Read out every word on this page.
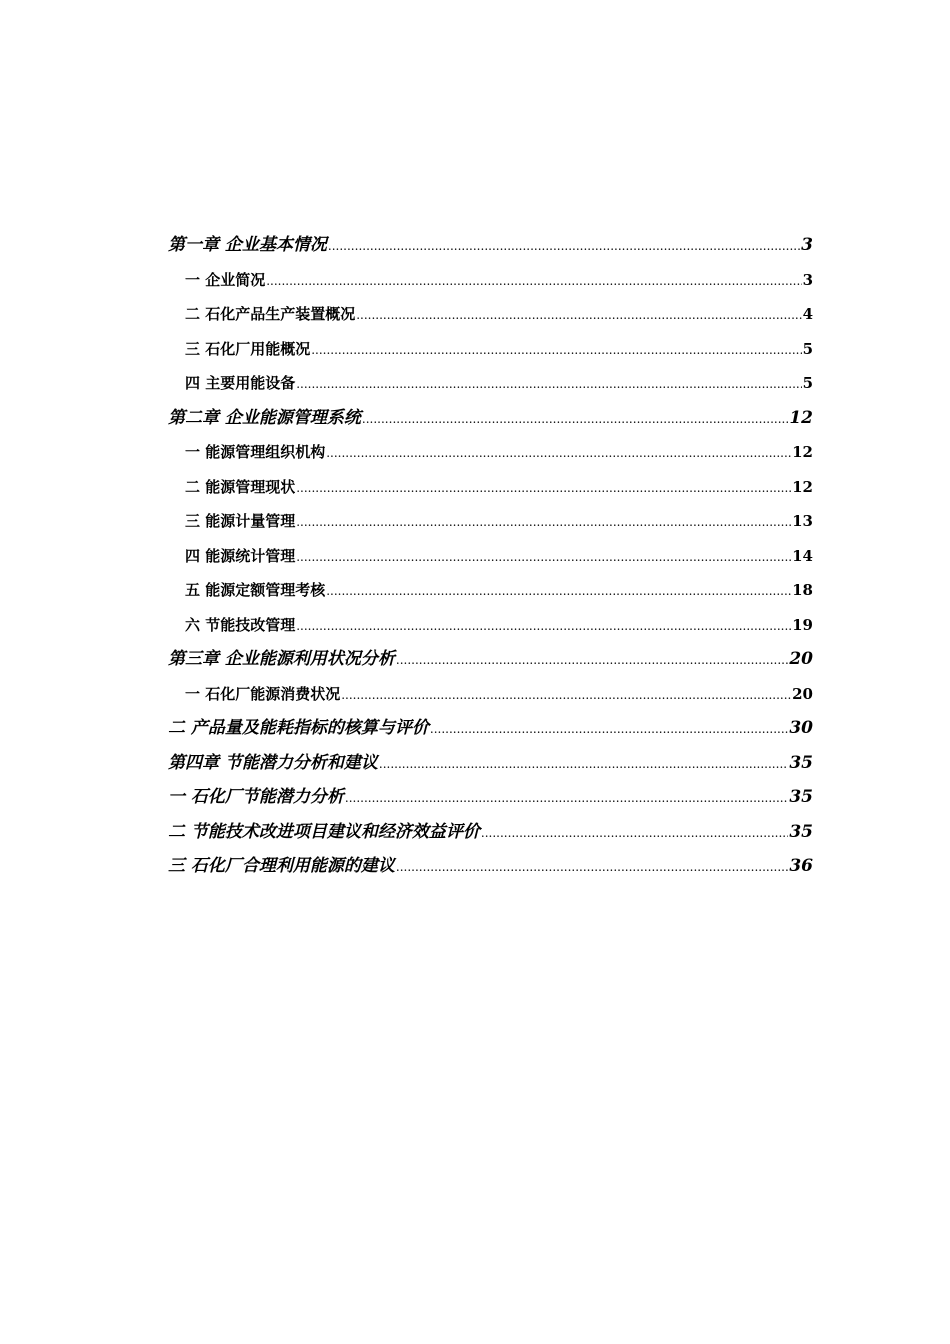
第一章 企业基本情况 .....	3
一 企业简况 .....	3
二 石化产品生产装置概况 .....	4
三 石化厂用能概况 .....	5
四 主要用能设备 .....	5
第二章 企业能源管理系统 .....	12
一 能源管理组织机构 .....	12
二 能源管理现状 .....	12
三 能源计量管理 .....	13
四 能源统计管理 .....	14
五 能源定额管理考核 .....	18
六 节能技改管理 .....	19
第三章 企业能源利用状况分析 .....	20
一 石化厂能源消费状况 .....	20
二 产品量及能耗指标的核算与评价 .....	30
第四章 节能潜力分析和建议 .....	35
一 石化厂节能潜力分析 .....	35
二 节能技术改进项目建议和经济效益评价 .....	35
三 石化厂合理利用能源的建议 .....	36
